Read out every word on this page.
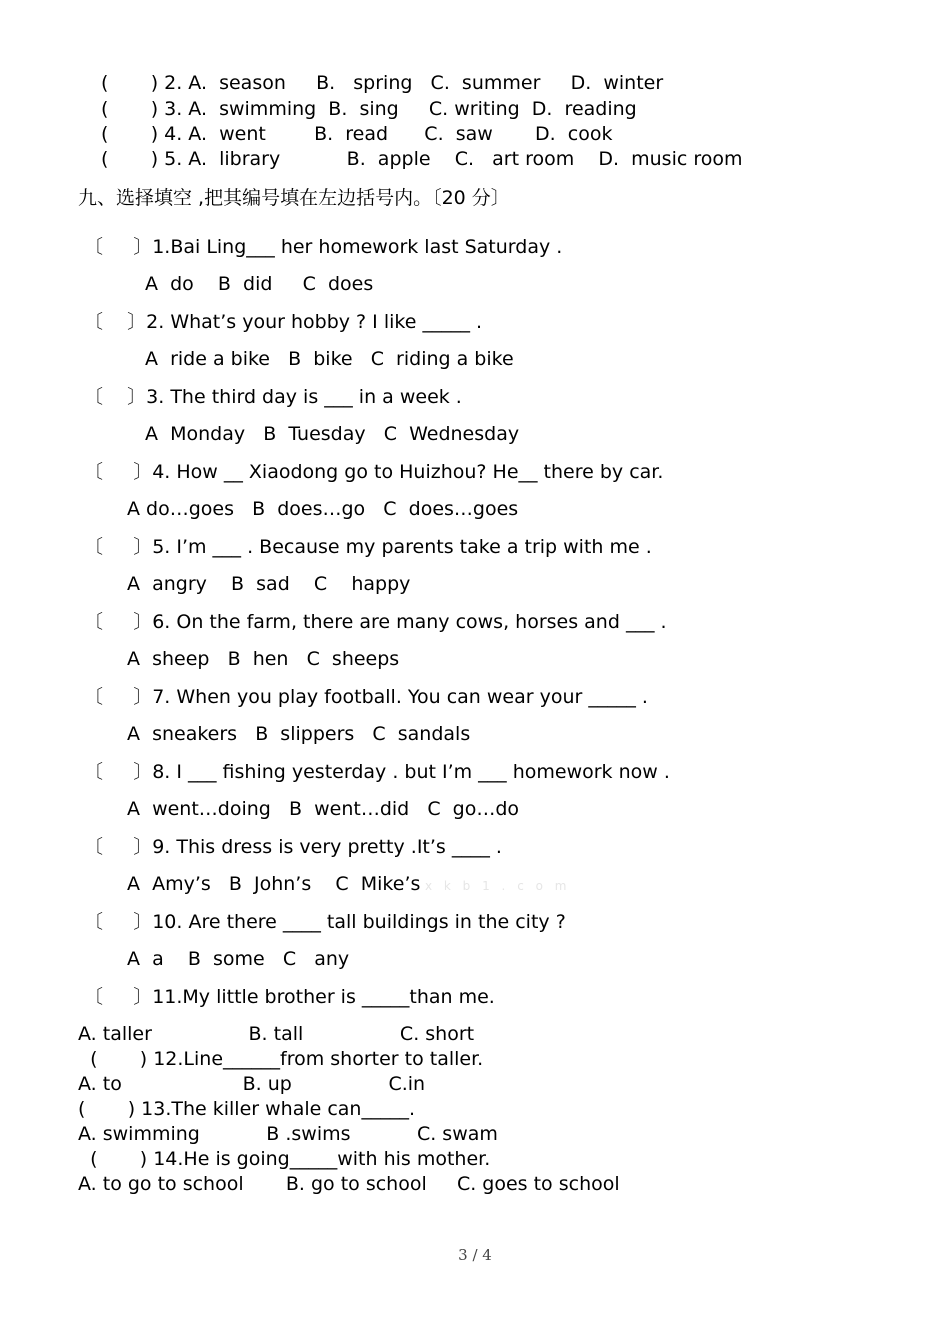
(       ) 2. A.  season     B.   spring   C.  summer     D.  winter
(       ) 3. A.  swimming  B.  sing     C. writing  D.  reading
(       ) 4. A.  went        B.  read      C.  saw       D.  cook
(       ) 5. A.  library           B.  apple    C.   art room    D.  music room
九、选择填空 ,把其编号填在左边括号内。〔20 分〕
〔     〕1.Bai Ling___ her homework last Saturday .
A  do    B  did     C  does
〔    〕2. What’s your hobby ? I like _____ .
A  ride a bike   B  bike   C  riding a bike
〔    〕3. The third day is ___ in a week .
A  Monday   B  Tuesday   C  Wednesday
〔     〕4. How __ Xiaodong go to Huizhou? He__ there by car.
A do…goes   B  does…go   C  does…goes
〔     〕5. I’m ___ . Because my parents take a trip with me .
A  angry    B  sad    C    happy
〔     〕6. On the farm, there are many cows, horses and ___ .
A  sheep   B  hen   C  sheeps
〔     〕7. When you play football. You can wear your _____ .
A  sneakers   B  slippers   C  sandals
〔     〕8. I ___ fishing yesterday . but I’m ___ homework now .
A  went…doing   B  went…did   C  go…do
〔     〕9. This dress is very pretty .It’s ____ .
A  Amy’s   B  John’s    C  Mike’s x k b 1 . c o m
〔     〕10. Are there ____ tall buildings in the city ?
A  a    B  some   C   any
〔     〕11.My little brother is _____than me.
A. taller                B. tall                C. short
(       ) 12.Line______from shorter to taller.
A. to                    B. up                C.in
(       ) 13.The killer whale can_____.
A. swimming           B .swims           C. swam
(       ) 14.He is going_____with his mother.
A. to go to school       B. go to school     C. goes to school
3 / 4
